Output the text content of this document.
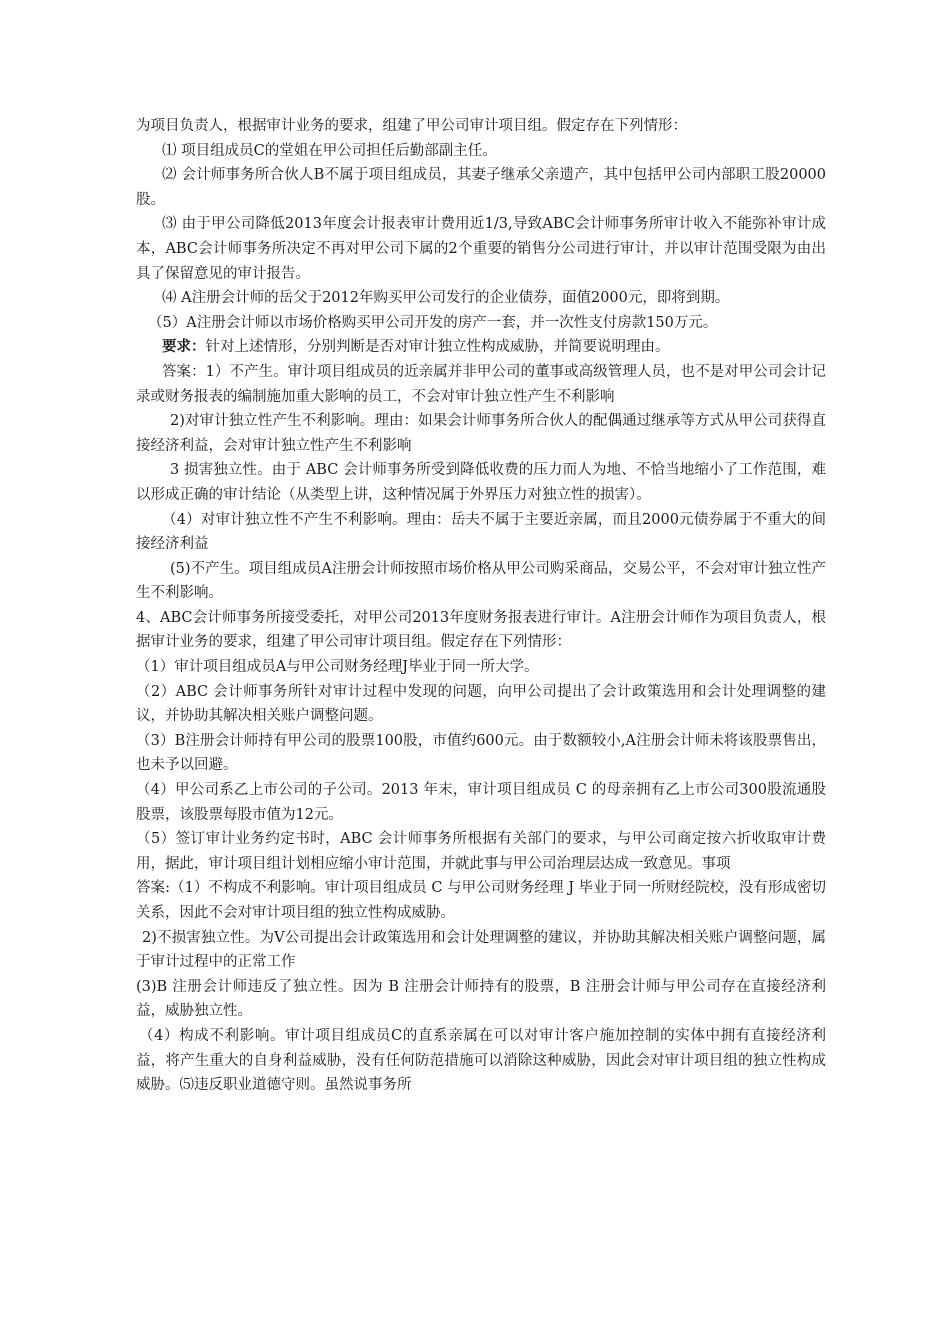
为项目负责人，根据审计业务的要求，组建了甲公司审计项目组。假定存在下列情形：

⑴ 项目组成员C的堂姐在甲公司担任后勤部副主任。

⑵ 会计师事务所合伙人B不属于项目组成员，其妻子继承父亲遗产，其中包括甲公司内部职工股20000股。

⑶ 由于甲公司降低2013年度会计报表审计费用近1/3,导致ABC会计师事务所审计收入不能弥补审计成本，ABC会计师事务所决定不再对甲公司下属的2个重要的销售分公司进行审计，并以审计范围受限为由出具了保留意见的审计报告。

⑷ A注册会计师的岳父于2012年购买甲公司发行的企业债券，面值2000元，即将到期。

（5）A注册会计师以市场价格购买甲公司开发的房产一套，并一次性支付房款150万元。

要求：针对上述情形，分别判断是否对审计独立性构成威胁，并简要说明理由。

答案：1）不产生。审计项目组成员的近亲属并非甲公司的董事或高级管理人员，也不是对甲公司会计记录或财务报表的编制施加重大影响的员工，不会对审计独立性产生不利影响

2)对审计独立性产生不利影响。理由：如果会计师事务所合伙人的配偶通过继承等方式从甲公司获得直接经济利益，会对审计独立性产生不利影响

3 损害独立性。由于 ABC 会计师事务所受到降低收费的压力而人为地、不恰当地缩小了工作范围，难以形成正确的审计结论（从类型上讲，这种情况属于外界压力对独立性的损害）。

（4）对审计独立性不产生不利影响。理由：岳夫不属于主要近亲属，而且2000元债券属于不重大的间接经济利益

(5)不产生。项目组成员A注册会计师按照市场价格从甲公司购采商品，交易公平，不会对审计独立性产生不利影响。

4、ABC会计师事务所接受委托，对甲公司2013年度财务报表进行审计。A注册会计师作为项目负责人，根据审计业务的要求，组建了甲公司审计项目组。假定存在下列情形：

（1）审计项目组成员A与甲公司财务经理J毕业于同一所大学。

（2）ABC 会计师事务所针对审计过程中发现的问题，向甲公司提出了会计政策选用和会计处理调整的建议，并协助其解决相关账户调整问题。

（3）B注册会计师持有甲公司的股票100股，市值约600元。由于数额较小,A注册会计师未将该股票售出，也未予以回避。

（4）甲公司系乙上市公司的子公司。2013 年末，审计项目组成员 C 的母亲拥有乙上市公司300股流通股股票，该股票每股市值为12元。

（5）签订审计业务约定书时，ABC 会计师事务所根据有关部门的要求，与甲公司商定按六折收取审计费用，据此，审计项目组计划相应缩小审计范围，并就此事与甲公司治理层达成一致意见。事项

答案:（1）不构成不利影响。审计项目组成员 C 与甲公司财务经理 J 毕业于同一所财经院校，没有形成密切关系，因此不会对审计项目组的独立性构成威胁。

2)不损害独立性。为V公司提出会计政策选用和会计处理调整的建议，并协助其解决相关账户调整问题，属于审计过程中的正常工作

(3)B 注册会计师违反了独立性。因为 B 注册会计师持有的股票，B 注册会计师与甲公司存在直接经济利益，威胁独立性。

（4）构成不利影响。审计项目组成员C的直系亲属在可以对审计客户施加控制的实体中拥有直接经济利益，将产生重大的自身利益威胁，没有任何防范措施可以消除这种威胁，因此会对审计项目组的独立性构成威胁。⑸违反职业道德守则。虽然说事务所
